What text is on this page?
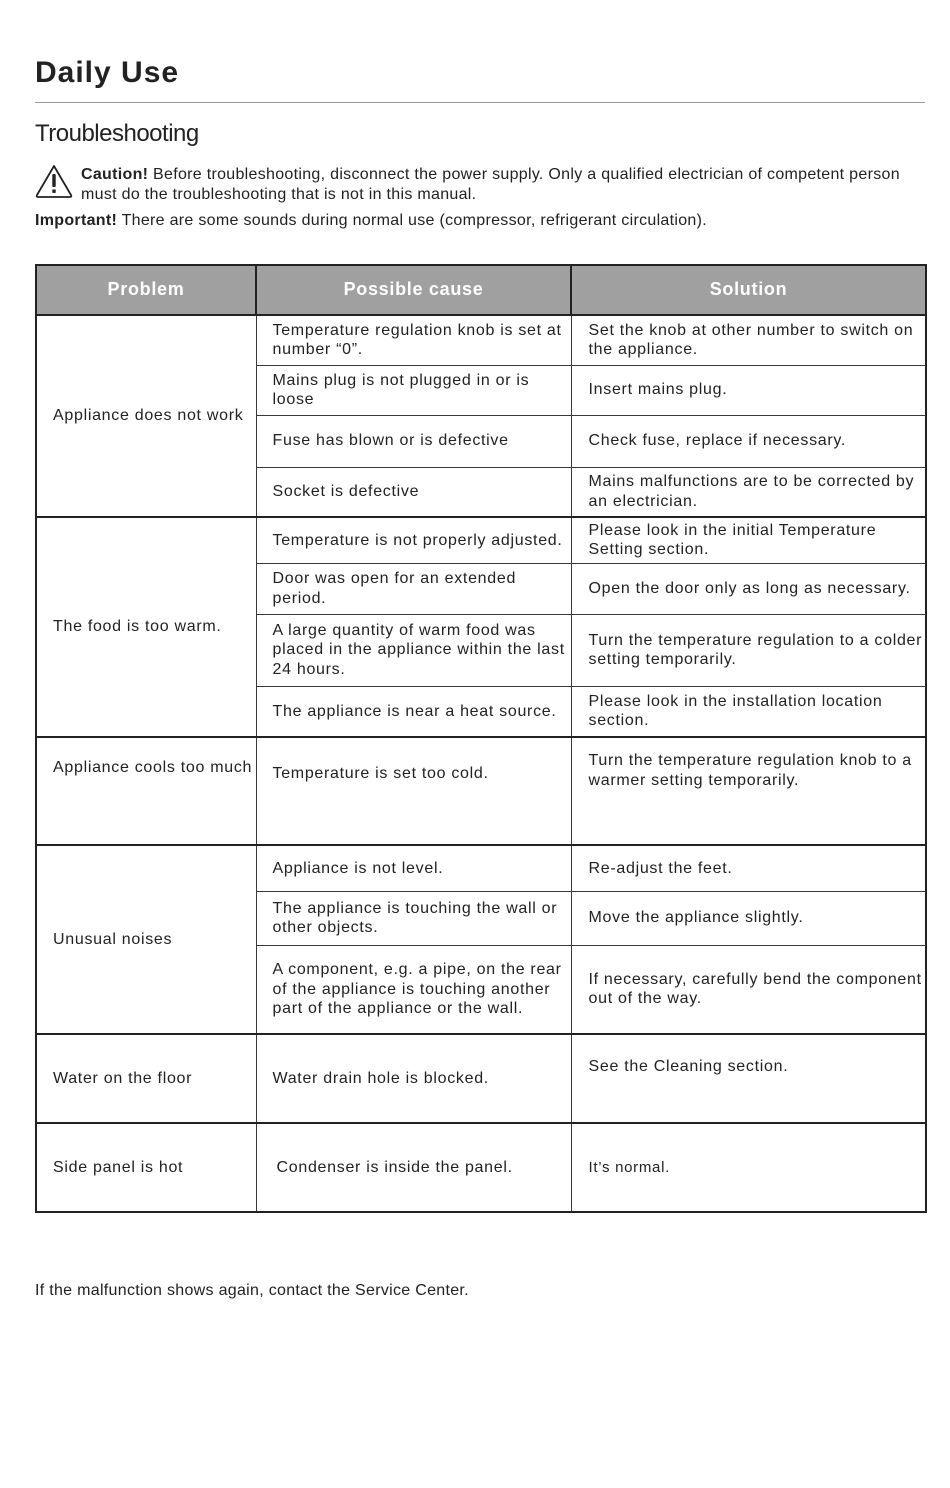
Daily Use
Troubleshooting
Caution! Before troubleshooting, disconnect the power supply. Only a qualified electrician of competent person must do the troubleshooting that is not in this manual.
Important! There are some sounds during normal use (compressor, refrigerant circulation).
Problem	Possible cause	Solution
Appliance does not work	Temperature regulation knob is set at number “0”.	Set the knob at other number to switch on the appliance.
	Mains plug is not plugged in or is loose	Insert mains plug.
	Fuse has blown or is defective	Check fuse, replace if necessary.
	Socket is defective	Mains malfunctions are to be corrected by an electrician.
The food is too warm.	Temperature is not properly adjusted.	Please look in the initial Temperature Setting section.
	Door was open for an extended period.	Open the door only as long as necessary.
	A large quantity of warm food was placed in the appliance within the last 24 hours.	Turn the temperature regulation to a colder setting temporarily.
	The appliance is near a heat source.	Please look in the installation location section.
Appliance cools too much	Temperature is set too cold.	Turn the temperature regulation knob to a warmer setting temporarily.
Unusual noises	Appliance is not level.	Re-adjust the feet.
	The appliance is touching the wall or other objects.	Move the appliance slightly.
	A component, e.g. a pipe, on the rear of the appliance is touching another part of the appliance or the wall.	If necessary, carefully bend the component out of the way.
Water on the floor	Water drain hole is blocked.	See the Cleaning section.
Side panel is hot	Condenser is inside the panel.	It’s normal.
If the malfunction shows again, contact the Service Center.
